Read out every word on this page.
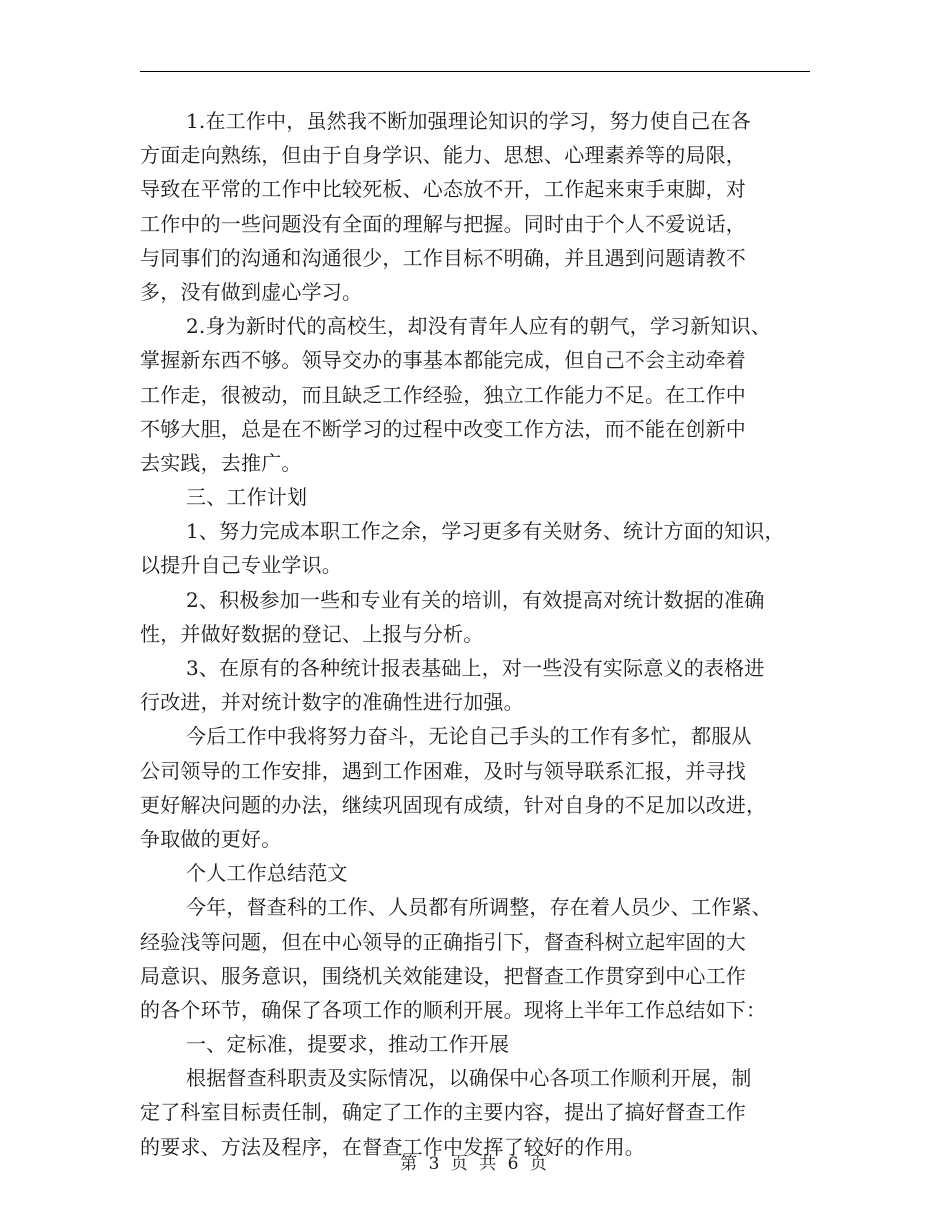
1.在工作中，虽然我不断加强理论知识的学习，努力使自己在各
方面走向熟练，但由于自身学识、能力、思想、心理素养等的局限，
导致在平常的工作中比较死板、心态放不开，工作起来束手束脚，对
工作中的一些问题没有全面的理解与把握。同时由于个人不爱说话，
与同事们的沟通和沟通很少，工作目标不明确，并且遇到问题请教不
多，没有做到虚心学习。
2.身为新时代的高校生，却没有青年人应有的朝气，学习新知识、
掌握新东西不够。领导交办的事基本都能完成，但自己不会主动牵着
工作走，很被动，而且缺乏工作经验，独立工作能力不足。在工作中
不够大胆，总是在不断学习的过程中改变工作方法，而不能在创新中
去实践，去推广。
三、工作计划
1、努力完成本职工作之余，学习更多有关财务、统计方面的知识，
以提升自己专业学识。
2、积极参加一些和专业有关的培训，有效提高对统计数据的准确
性，并做好数据的登记、上报与分析。
3、在原有的各种统计报表基础上，对一些没有实际意义的表格进
行改进，并对统计数字的准确性进行加强。
今后工作中我将努力奋斗，无论自己手头的工作有多忙，都服从
公司领导的工作安排，遇到工作困难，及时与领导联系汇报，并寻找
更好解决问题的办法，继续巩固现有成绩，针对自身的不足加以改进，
争取做的更好。
个人工作总结范文
今年，督查科的工作、人员都有所调整，存在着人员少、工作紧、
经验浅等问题，但在中心领导的正确指引下，督查科树立起牢固的大
局意识、服务意识，围绕机关效能建设，把督查工作贯穿到中心工作
的各个环节，确保了各项工作的顺利开展。现将上半年工作总结如下：
一、定标准，提要求，推动工作开展
根据督查科职责及实际情况，以确保中心各项工作顺利开展，制
定了科室目标责任制，确定了工作的主要内容，提出了搞好督查工作
的要求、方法及程序，在督查工作中发挥了较好的作用。
第 3 页 共 6 页
